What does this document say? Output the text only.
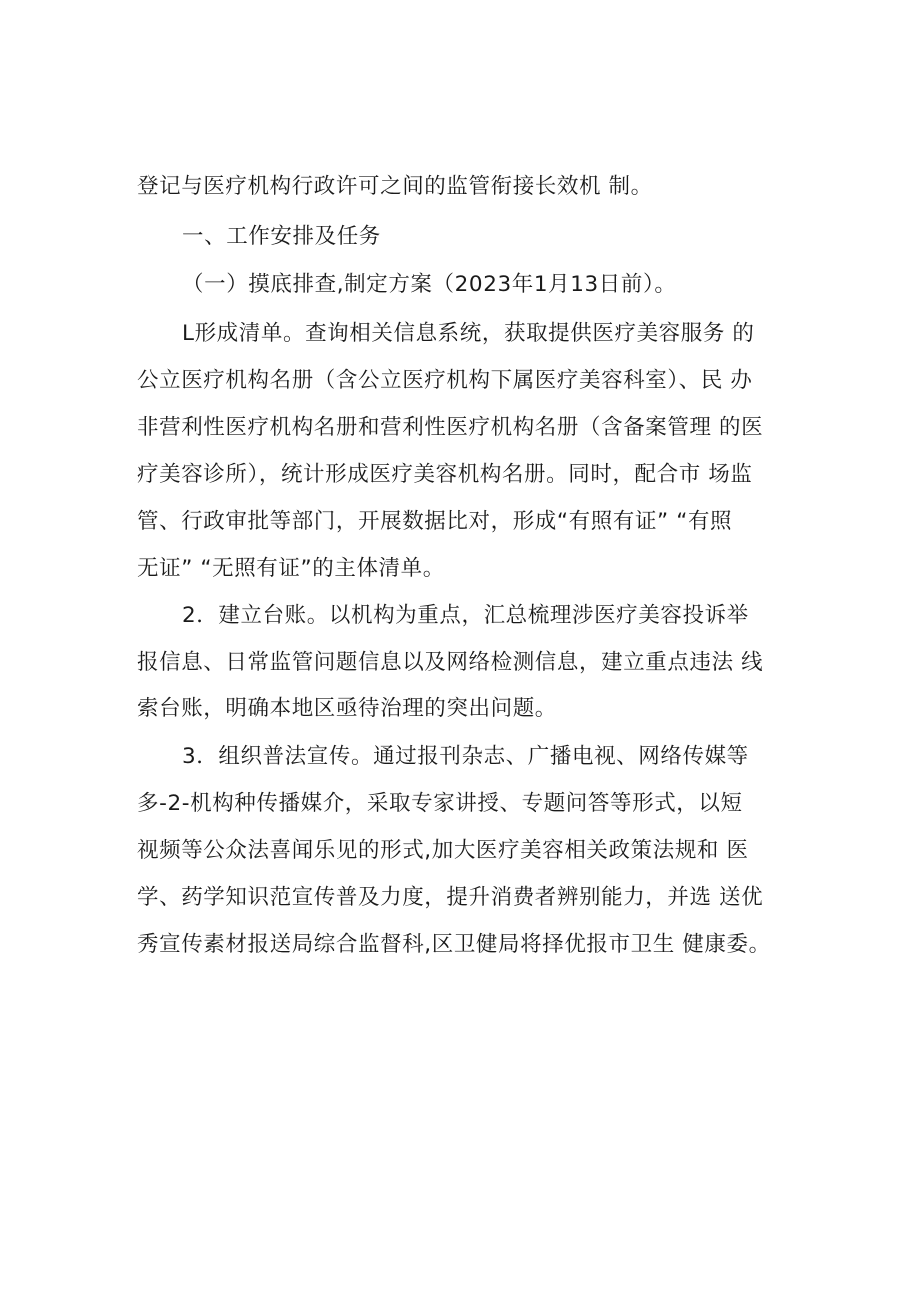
登记与医疗机构行政许可之间的监管衔接长效机 制。
一、工作安排及任务
（一）摸底排查,制定方案（2023年1月13日前）。
L形成清单。查询相关信息系统，获取提供医疗美容服务 的
公立医疗机构名册（含公立医疗机构下属医疗美容科室）、民 办
非营利性医疗机构名册和营利性医疗机构名册（含备案管理 的医
疗美容诊所），统计形成医疗美容机构名册。同时，配合市 场监
管、行政审批等部门，开展数据比对，形成“有照有证” “有照
无证” “无照有证”的主体清单。
2．建立台账。以机构为重点，汇总梳理涉医疗美容投诉举
报信息、日常监管问题信息以及网络检测信息，建立重点违法 线
索台账，明确本地区亟待治理的突出问题。
3．组织普法宣传。通过报刊杂志、广播电视、网络传媒等
多-2-机构种传播媒介，采取专家讲授、专题问答等形式，以短
视频等公众法喜闻乐见的形式,加大医疗美容相关政策法规和 医
学、药学知识范宣传普及力度，提升消费者辨别能力，并选 送优
秀宣传素材报送局综合监督科,区卫健局将择优报市卫生 健康委。
